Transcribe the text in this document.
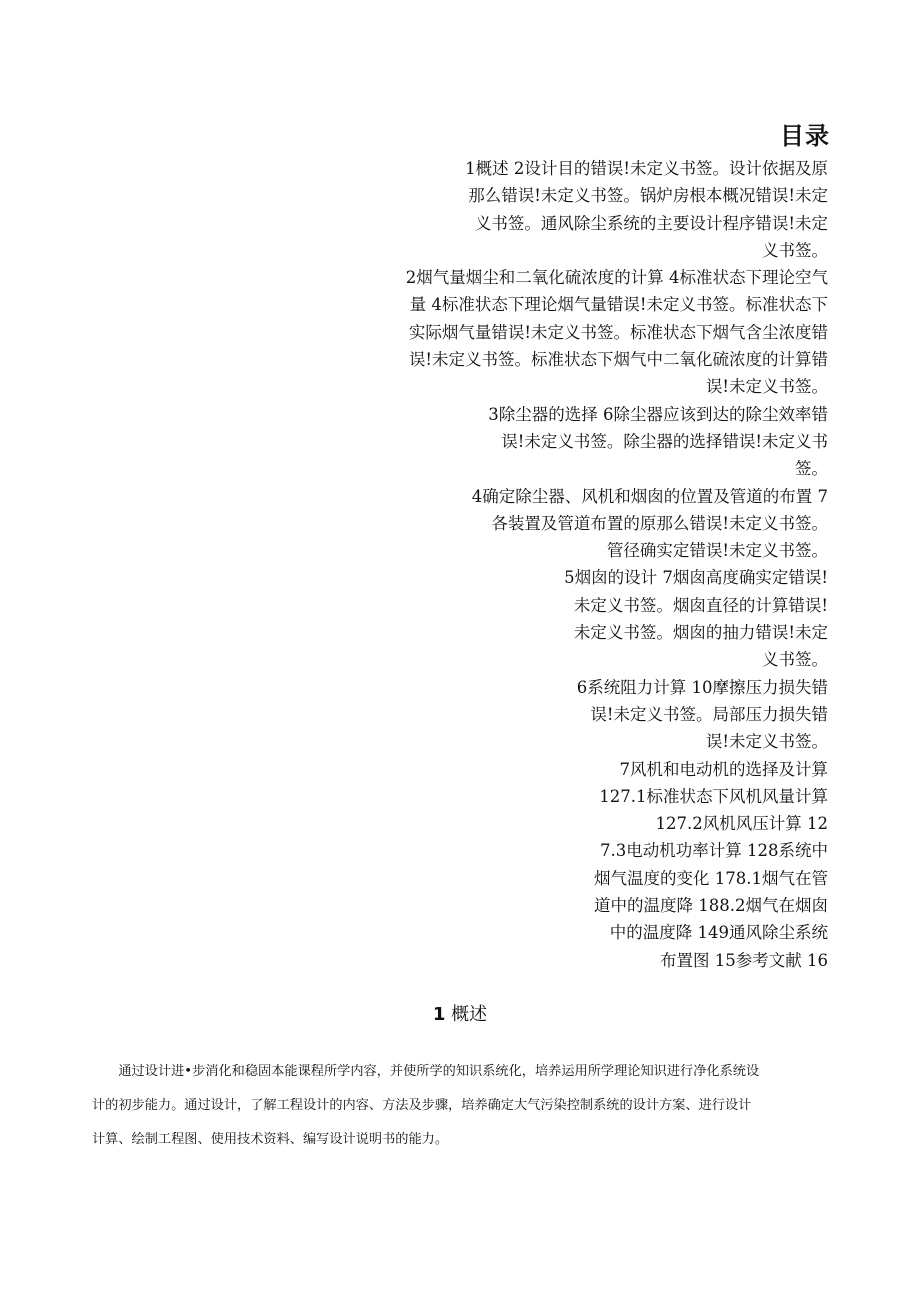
目录
1概述 2设计目的错误!未定义书签。设计依据及原
那么错误!未定义书签。锅炉房根本概况错误!未定
义书签。通风除尘系统的主要设计程序错误!未定
义书签。
2烟气量烟尘和二氧化硫浓度的计算 4标准状态下理论空气
量 4标准状态下理论烟气量错误!未定义书签。标准状态下
实际烟气量错误!未定义书签。标准状态下烟气含尘浓度错
误!未定义书签。标准状态下烟气中二氧化硫浓度的计算错
误!未定义书签。
3除尘器的选择 6除尘器应该到达的除尘效率错
误!未定义书签。除尘器的选择错误!未定义书
签。
4确定除尘器、风机和烟囱的位置及管道的布置 7
各装置及管道布置的原那么错误!未定义书签。
管径确实定错误!未定义书签。
5烟囱的设计 7烟囱高度确实定错误!
未定义书签。烟囱直径的计算错误!
未定义书签。烟囱的抽力错误!未定
义书签。
6系统阻力计算 10摩擦压力损失错
误!未定义书签。局部压力损失错
误!未定义书签。
7风机和电动机的选择及计算
127.1标准状态下风机风量计算
127.2风机风压计算 12
7.3电动机功率计算 128系统中
烟气温度的变化 178.1烟气在管
道中的温度降 188.2烟气在烟囱
中的温度降 149通风除尘系统
布置图 15参考文献 16
1 概述
　　通过设计进•步消化和稳固本能课程所学内容，并使所学的知识系统化，培养运用所学理论知识进行净化系统设
计的初步能力。通过设计，了解工程设计的内容、方法及步骤，培养确定大气污染控制系统的设计方案、进行设计
计算、绘制工程图、使用技术资料、编写设计说明书的能力。
